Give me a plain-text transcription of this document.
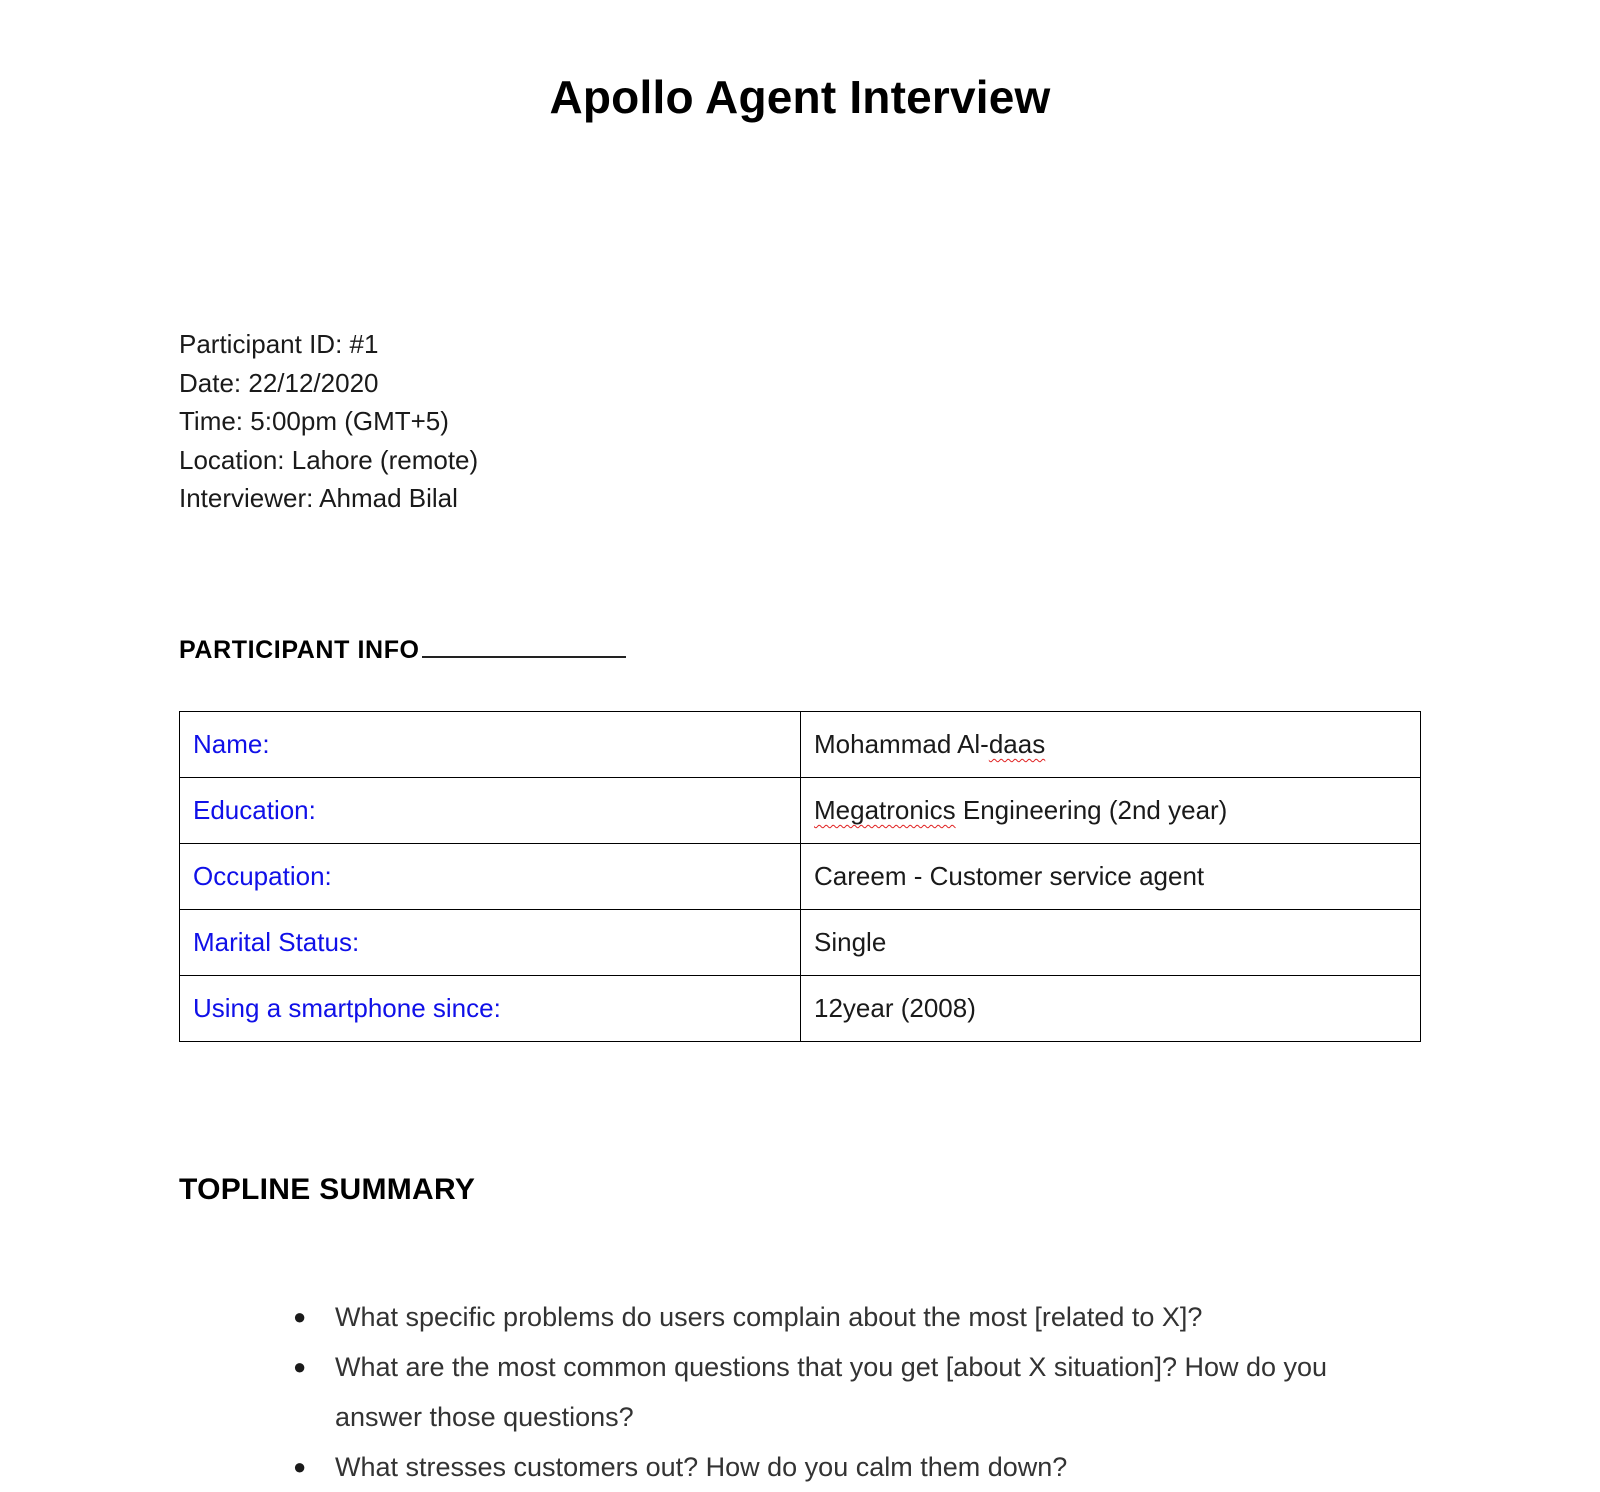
Apollo Agent Interview
Participant ID: #1
Date: 22/12/2020
Time: 5:00pm (GMT+5)
Location: Lahore (remote)
Interviewer: Ahmad Bilal
PARTICIPANT INFO
Name:	Mohammad Al-daas
Education:	Megatronics Engineering (2nd year)
Occupation:	Careem - Customer service agent
Marital Status:	Single
Using a smartphone since:	12year (2008)
TOPLINE SUMMARY
● What specific problems do users complain about the most [related to X]?
● What are the most common questions that you get [about X situation]? How do you answer those questions?
● What stresses customers out? How do you calm them down?
